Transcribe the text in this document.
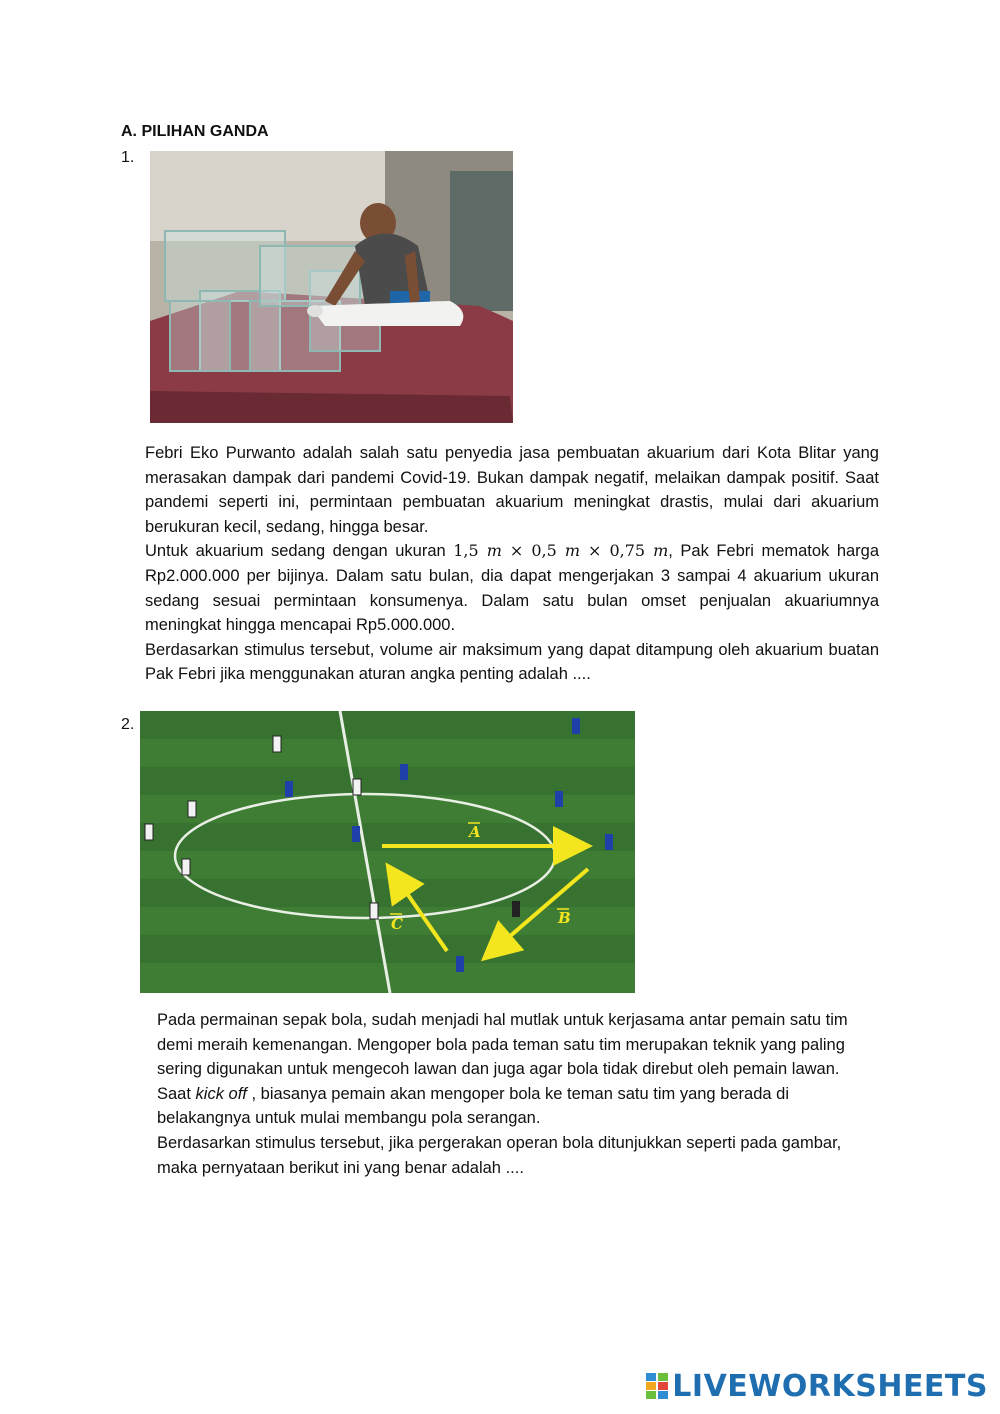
A. PILIHAN GANDA
1.

Febri Eko Purwanto adalah salah satu penyedia jasa pembuatan akuarium dari Kota Blitar yang merasakan dampak dari pandemi Covid-19. Bukan dampak negatif, melaikan dampak positif. Saat pandemi seperti ini, permintaan pembuatan akuarium meningkat drastis, mulai dari akuarium berukuran kecil, sedang, hingga besar.

Untuk akuarium sedang dengan ukuran 1,5 m × 0,5 m × 0,75 m, Pak Febri mematok harga Rp2.000.000 per bijinya. Dalam satu bulan, dia dapat mengerjakan 3 sampai 4 akuarium ukuran sedang sesuai permintaan konsumenya. Dalam satu bulan omset penjualan akuariumnya meningkat hingga mencapai Rp5.000.000.

Berdasarkan stimulus tersebut, volume air maksimum yang dapat ditampung oleh akuarium buatan Pak Febri jika menggunakan aturan angka penting adalah ....

2.
A
B
C

Pada permainan sepak bola, sudah menjadi hal mutlak untuk kerjasama antar pemain satu tim demi meraih kemenangan. Mengoper bola pada teman satu tim merupakan teknik yang paling sering digunakan untuk mengecoh lawan dan juga agar bola tidak direbut oleh pemain lawan. Saat kick off , biasanya pemain akan mengoper bola ke teman satu tim yang berada di belakangnya untuk mulai membangu pola serangan.

Berdasarkan stimulus tersebut, jika pergerakan operan bola ditunjukkan seperti pada gambar, maka pernyataan berikut ini yang benar adalah ....

LIVEWORKSHEETS
